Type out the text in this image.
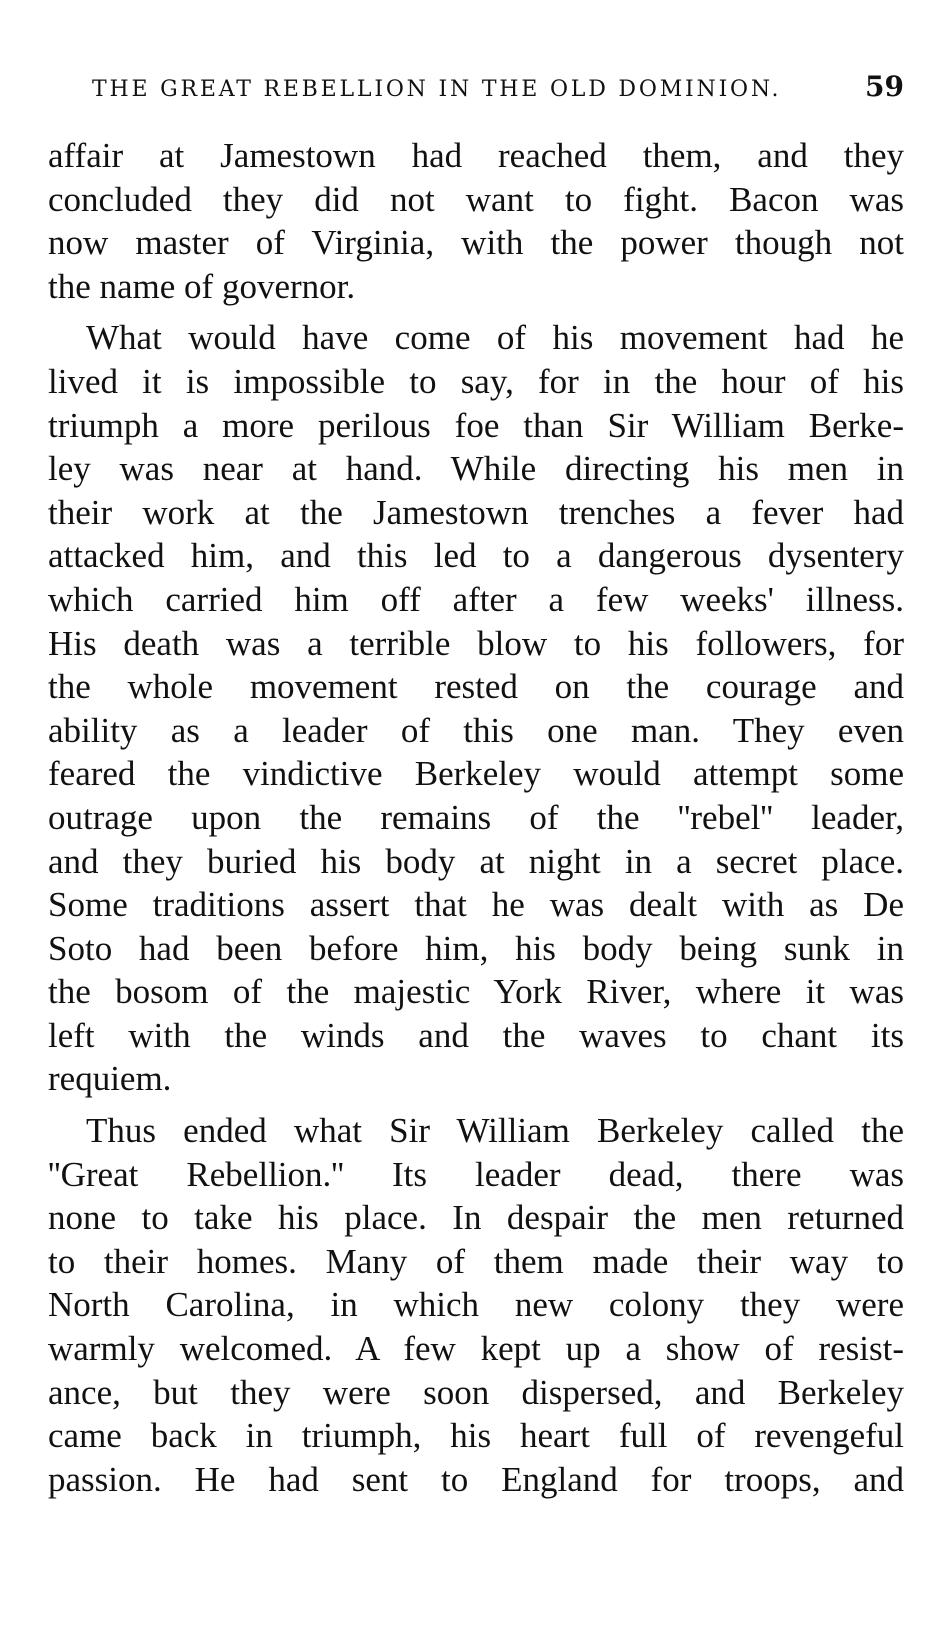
THE GREAT REBELLION IN THE OLD DOMINION.	59

affair at Jamestown had reached them, and they
concluded they did not want to fight. Bacon was
now master of Virginia, with the power though not
the name of governor.

What would have come of his movement had he
lived it is impossible to say, for in the hour of his
triumph a more perilous foe than Sir William Berke-
ley was near at hand. While directing his men in
their work at the Jamestown trenches a fever had
attacked him, and this led to a dangerous dysentery
which carried him off after a few weeks' illness.
His death was a terrible blow to his followers, for
the whole movement rested on the courage and
ability as a leader of this one man. They even
feared the vindictive Berkeley would attempt some
outrage upon the remains of the ''rebel'' leader,
and they buried his body at night in a secret place.
Some traditions assert that he was dealt with as De
Soto had been before him, his body being sunk in
the bosom of the majestic York River, where it was
left with the winds and the waves to chant its
requiem.

Thus ended what Sir William Berkeley called the
''Great Rebellion.'' Its leader dead, there was
none to take his place. In despair the men returned
to their homes. Many of them made their way to
North Carolina, in which new colony they were
warmly welcomed. A few kept up a show of resist-
ance, but they were soon dispersed, and Berkeley
came back in triumph, his heart full of revengeful
passion. He had sent to England for troops, and
